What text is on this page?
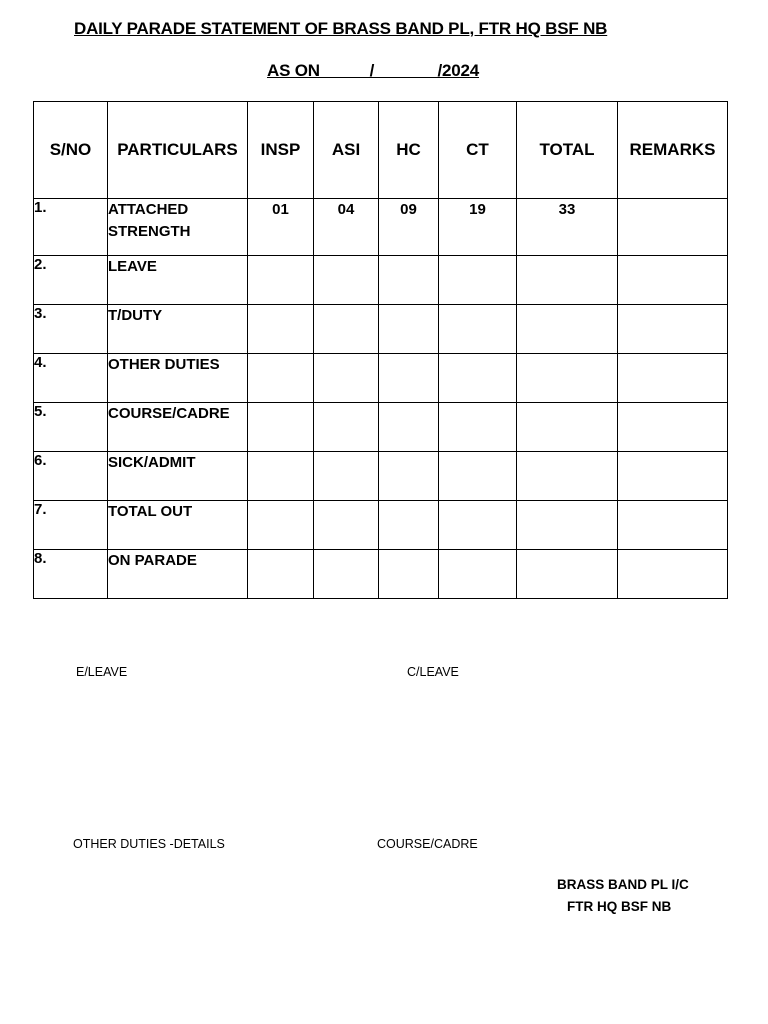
DAILY PARADE STATEMENT OF BRASS BAND PL, FTR HQ BSF NB
AS ON           /              /2024
S/NO	PARTICULARS	INSP	ASI	HC	CT	TOTAL	REMARKS
1.	ATTACHED STRENGTH	01	04	09	19	33	
2.	LEAVE						
3.	T/DUTY						
4.	OTHER DUTIES						
5.	COURSE/CADRE						
6.	SICK/ADMIT						
7.	TOTAL OUT						
8.	ON PARADE						
E/LEAVE	C/LEAVE
OTHER DUTIES -DETAILS	COURSE/CADRE
BRASS BAND PL I/C
FTR HQ BSF NB
